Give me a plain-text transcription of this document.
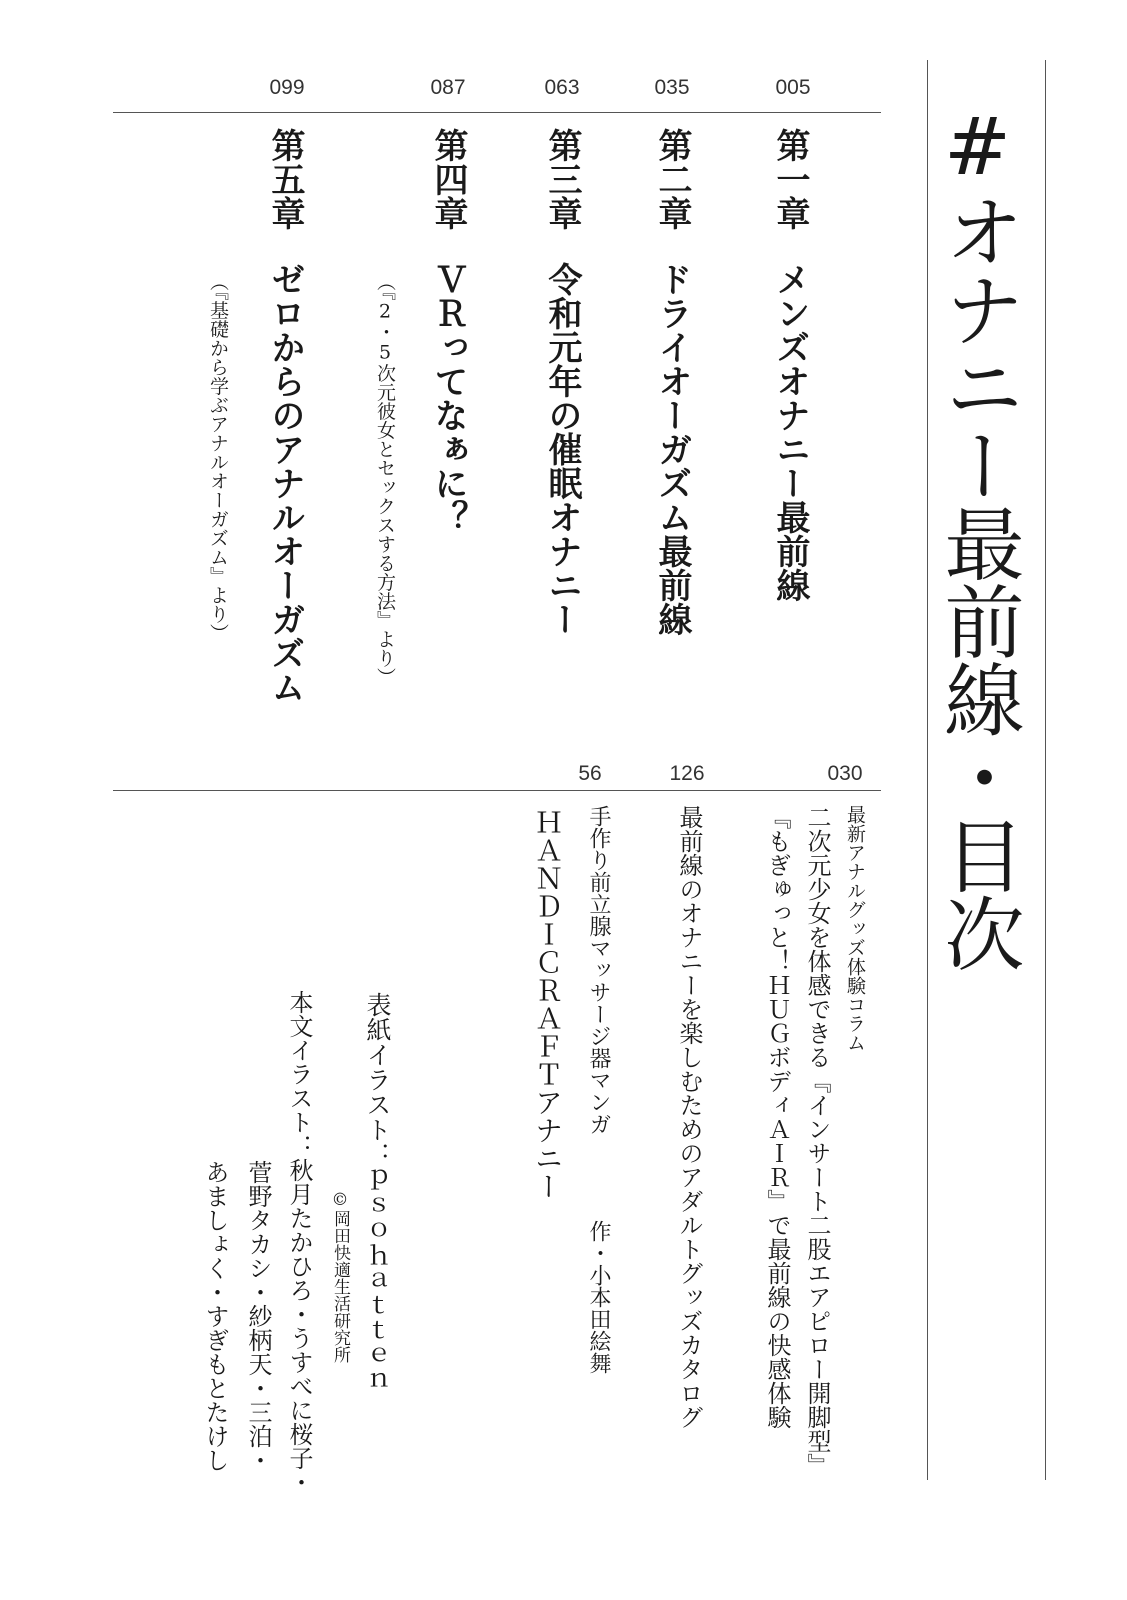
#オナニー最前線・目次
005
035
063
087
099
第一章
メンズオナニー最前線
第二章
ドライオーガズム最前線
第三章
令和元年の催眠オナニー
第四章
ＶＲってなぁに？
（『2・5次元彼女とセックスする方法』より）
第五章
ゼロからのアナルオーガズム
（『基礎から学ぶアナルオーガズム』より）
030
126
56
最新アナルグッズ体験コラム
二次元少女を体感できる『インサート二股エアピロー開脚型』
『もぎゅっと！ＨＵＧボディＡＩＲ』で最前線の快感体験
最前線のオナニーを楽しむためのアダルトグッズカタログ
手作り前立腺マッサージ器マンガ
作・小本田絵舞
ＨＡＮＤＩＣＲＡＦＴアナニー
表紙イラスト：ｐｓｏｈａｔｔｅｎ
©岡田快適生活研究所
本文イラスト：秋月たかひろ・うすべに桜子・
菅野タカシ・紗柄天・三泊・
あましょく・すぎもとたけし
